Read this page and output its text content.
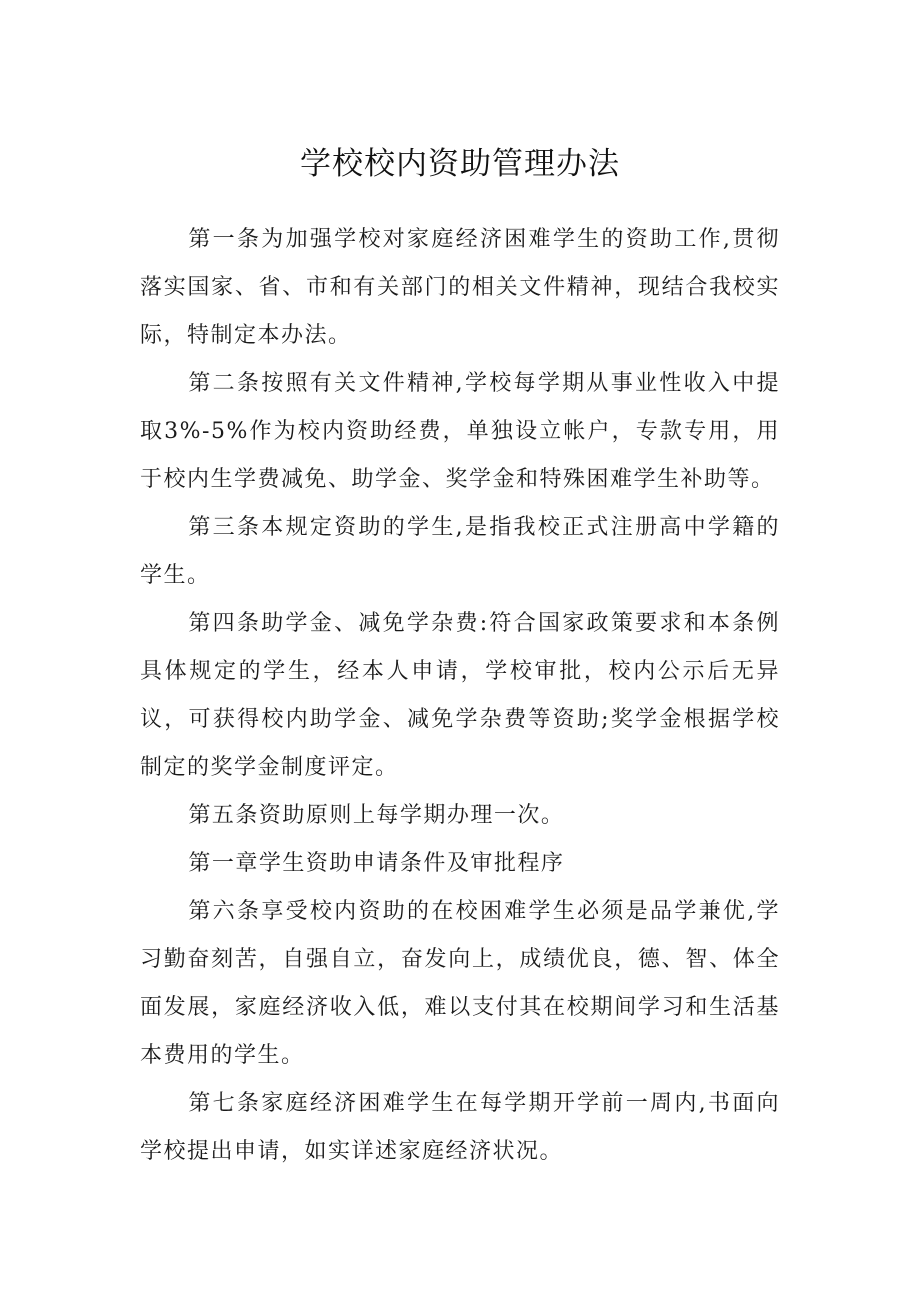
学校校内资助管理办法

第一条为加强学校对家庭经济困难学生的资助工作,贯彻落实国家、省、市和有关部门的相关文件精神，现结合我校实际，特制定本办法。

第二条按照有关文件精神,学校每学期从事业性收入中提取3%-5%作为校内资助经费，单独设立帐户，专款专用，用于校内生学费减免、助学金、奖学金和特殊困难学生补助等。

第三条本规定资助的学生,是指我校正式注册高中学籍的学生。

第四条助学金、减免学杂费:符合国家政策要求和本条例具体规定的学生，经本人申请，学校审批，校内公示后无异议，可获得校内助学金、减免学杂费等资助;奖学金根据学校制定的奖学金制度评定。

第五条资助原则上每学期办理一次。

第一章学生资助申请条件及审批程序

第六条享受校内资助的在校困难学生必须是品学兼优,学习勤奋刻苦，自强自立，奋发向上，成绩优良，德、智、体全面发展，家庭经济收入低，难以支付其在校期间学习和生活基本费用的学生。

第七条家庭经济困难学生在每学期开学前一周内,书面向学校提出申请，如实详述家庭经济状况。
